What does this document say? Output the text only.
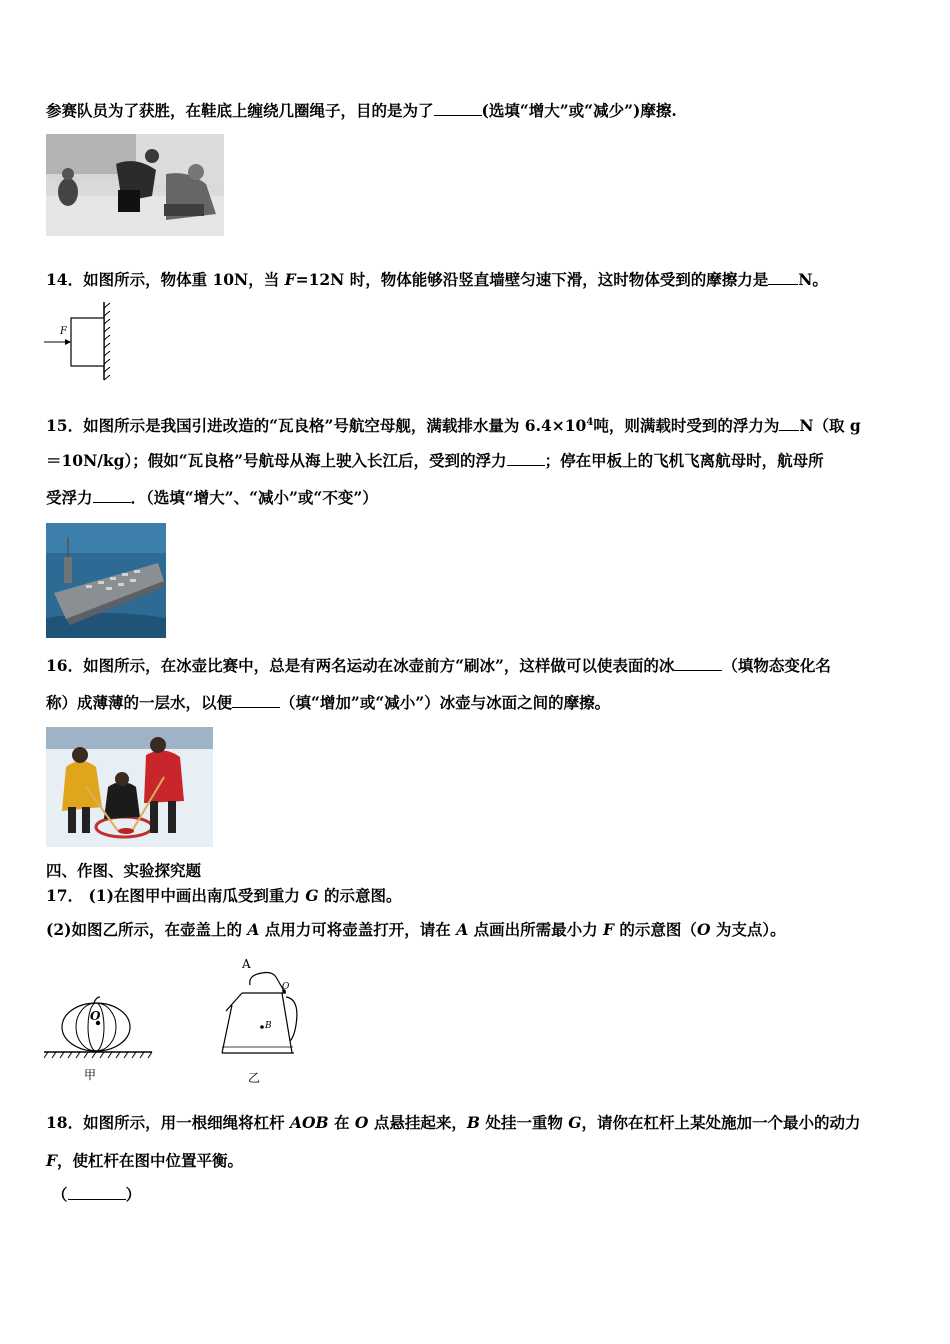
参赛队员为了获胜，在鞋底上缠绕几圈绳子，目的是为了	(选填“增大”或“减少”)摩擦.
14．如图所示，物体重 10N，当 F=12N 时，物体能够沿竖直墙壁匀速下滑，这时物体受到的摩擦力是 N。
F
15．如图所示是我国引进改造的“瓦良格”号航空母舰，满载排水量为 $6.4\times 10^4$吨，则满载时受到的浮力为 N（取 g
＝10N/kg）；假如“瓦良格”号航母从海上驶入长江后，受到的浮力 ；停在甲板上的飞机飞离航母时，航母所
受浮力 ．（选填“增大”、“减小”或“不变”）
16．如图所示，在冰壶比赛中，总是有两名运动在冰壶前方“刷冰”，这样做可以使表面的冰	（填物态变化名
称）成薄薄的一层水，以便	（填“增加”或“减小”）冰壶与冰面之间的摩擦。
四、作图、实验探究题
17． (1)在图甲中画出南瓜受到重力 G 的示意图。
(2)如图乙所示，在壶盖上的 A 点用力可将壶盖打开，请在 A 点画出所需最小力 F 的示意图（O 为支点）。
O
甲
A
O
B
乙
18．如图所示，用一根细绳将杠杆 AOB 在 O 点悬挂起来，B 处挂一重物 G，请你在杠杆上某处施加一个最小的动力
F，使杠杆在图中位置平衡。
（	）
